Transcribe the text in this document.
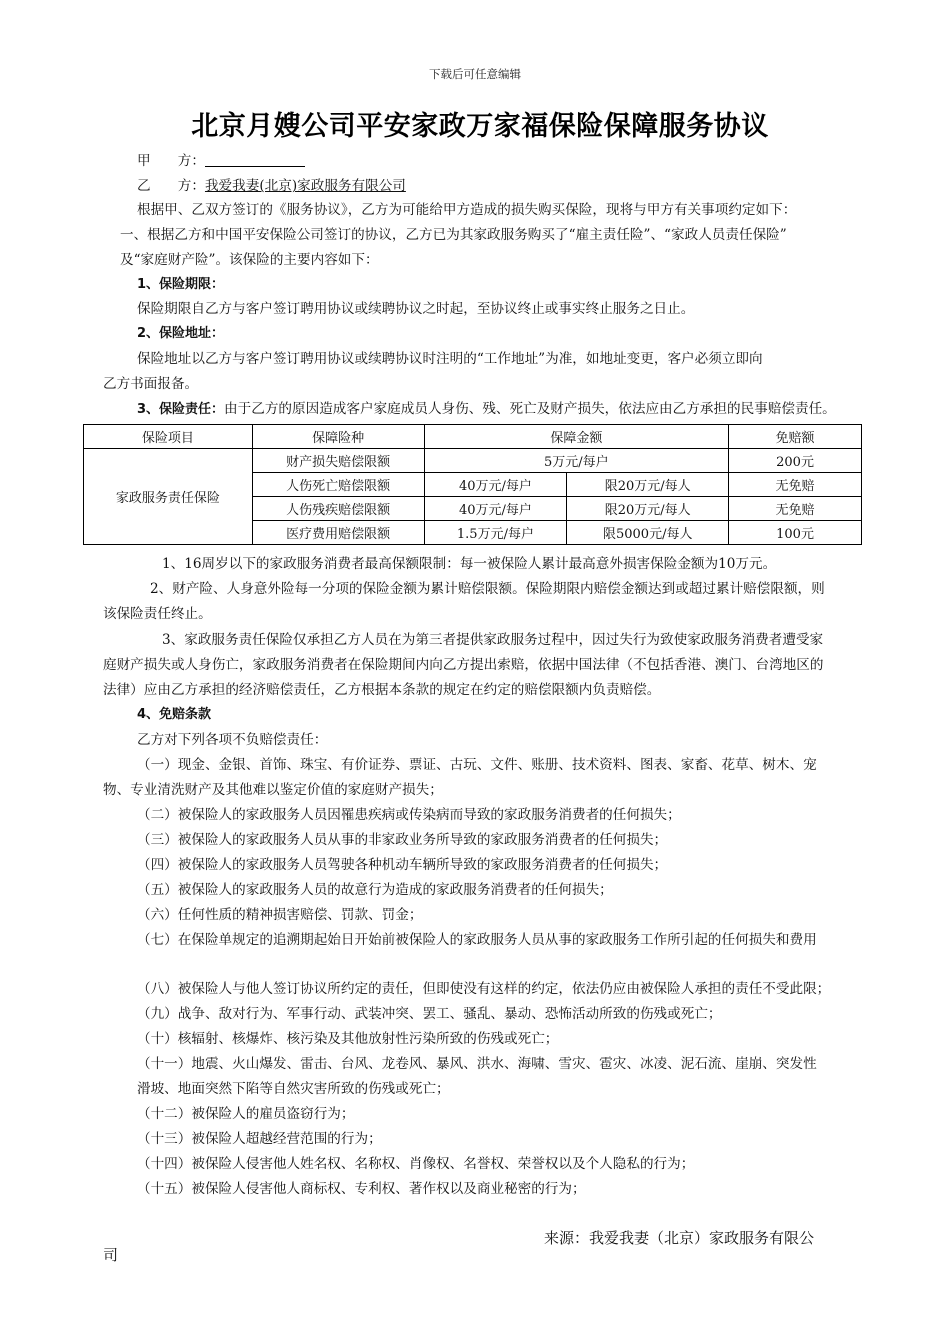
下载后可任意编辑
北京月嫂公司平安家政万家福保险保障服务协议
甲　　方：
乙　　方：我爱我妻(北京)家政服务有限公司
根据甲、乙双方签订的《服务协议》，乙方为可能给甲方造成的损失购买保险，现将与甲方有关事项约定如下：
一、根据乙方和中国平安保险公司签订的协议，乙方已为其家政服务购买了“雇主责任险”、“家政人员责任保险”
及“家庭财产险”。该保险的主要内容如下：
1、保险期限：
保险期限自乙方与客户签订聘用协议或续聘协议之时起，至协议终止或事实终止服务之日止。
2、保险地址：
保险地址以乙方与客户签订聘用协议或续聘协议时注明的“工作地址”为准，如地址变更，客户必须立即向
乙方书面报备。
3、保险责任：由于乙方的原因造成客户家庭成员人身伤、残、死亡及财产损失，依法应由乙方承担的民事赔偿责任。
保险项目	保障险种	保障金额		免赔额
家政服务责任保险	财产损失赔偿限额	5万元/每户		200元
	人伤死亡赔偿限额	40万元/每户	限20万元/每人	无免赔
	人伤残疾赔偿限额	40万元/每户	限20万元/每人	无免赔
	医疗费用赔偿限额	1.5万元/每户	限5000元/每人	100元
1、16周岁以下的家政服务消费者最高保额限制：每一被保险人累计最高意外损害保险金额为10万元。
2、财产险、人身意外险每一分项的保险金额为累计赔偿限额。保险期限内赔偿金额达到或超过累计赔偿限额，则
该保险责任终止。
3、家政服务责任保险仅承担乙方人员在为第三者提供家政服务过程中，因过失行为致使家政服务消费者遭受家
庭财产损失或人身伤亡，家政服务消费者在保险期间内向乙方提出索赔，依据中国法律（不包括香港、澳门、台湾地区的
法律）应由乙方承担的经济赔偿责任，乙方根据本条款的规定在约定的赔偿限额内负责赔偿。
4、免赔条款
乙方对下列各项不负赔偿责任：
（一）现金、金银、首饰、珠宝、有价证券、票证、古玩、文件、账册、技术资料、图表、家畜、花草、树木、宠
物、专业清洗财产及其他难以鉴定价值的家庭财产损失；
（二）被保险人的家政服务人员因罹患疾病或传染病而导致的家政服务消费者的任何损失；
（三）被保险人的家政服务人员从事的非家政业务所导致的家政服务消费者的任何损失；
（四）被保险人的家政服务人员驾驶各种机动车辆所导致的家政服务消费者的任何损失；
（五）被保险人的家政服务人员的故意行为造成的家政服务消费者的任何损失；
（六）任何性质的精神损害赔偿、罚款、罚金；
（七）在保险单规定的追溯期起始日开始前被保险人的家政服务人员从事的家政服务工作所引起的任何损失和费用
（八）被保险人与他人签订协议所约定的责任，但即使没有这样的约定，依法仍应由被保险人承担的责任不受此限；
（九）战争、敌对行为、军事行动、武装冲突、罢工、骚乱、暴动、恐怖活动所致的伤残或死亡；
（十）核辐射、核爆炸、核污染及其他放射性污染所致的伤残或死亡；
（十一）地震、火山爆发、雷击、台风、龙卷风、暴风、洪水、海啸、雪灾、雹灾、冰凌、泥石流、崖崩、突发性
滑坡、地面突然下陷等自然灾害所致的伤残或死亡；
（十二）被保险人的雇员盗窃行为；
（十三）被保险人超越经营范围的行为；
（十四）被保险人侵害他人姓名权、名称权、肖像权、名誉权、荣誉权以及个人隐私的行为；
（十五）被保险人侵害他人商标权、专利权、著作权以及商业秘密的行为；
来源：我爱我妻（北京）家政服务有限公
司
